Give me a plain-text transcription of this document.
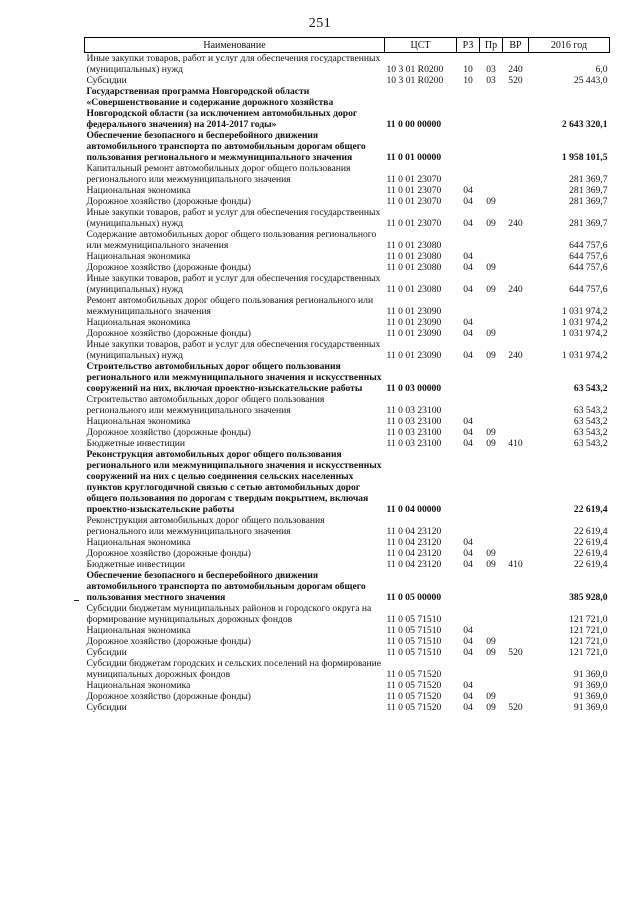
251
Наименование	ЦСТ	РЗ	Пр	ВР	2016 год
Иные закупки товаров, работ и услуг для обеспечения государственных (муниципальных) нужд	10 3 01 R0200	10	03	240	6,0
Субсидии	10 3 01 R0200	10	03	520	25 443,0
Государственная программа Новгородской области «Совершенствование и содержание дорожного хозяйства Новгородской области (за исключением автомобильных дорог федерального значения) на 2014-2017 годы»	11 0 00 00000				2 643 320,1
Обеспечение безопасного и бесперебойного движения автомобильного транспорта по автомобильным дорогам общего пользования регионального и межмуниципального значения	11 0 01 00000				1 958 101,5
Капитальный ремонт автомобильных дорог общего пользования регионального или межмуниципального значения	11 0 01 23070				281 369,7
Национальная экономика	11 0 01 23070	04			281 369,7
Дорожное хозяйство (дорожные фонды)	11 0 01 23070	04	09		281 369,7
Иные закупки товаров, работ и услуг для обеспечения государственных (муниципальных) нужд	11 0 01 23070	04	09	240	281 369,7
Содержание автомобильных дорог общего пользования регионального или межмуниципального значения	11 0 01 23080				644 757,6
Национальная экономика	11 0 01 23080	04			644 757,6
Дорожное хозяйство (дорожные фонды)	11 0 01 23080	04	09		644 757,6
Иные закупки товаров, работ и услуг для обеспечения государственных (муниципальных) нужд	11 0 01 23080	04	09	240	644 757,6
Ремонт автомобильных дорог общего пользования регионального или межмуниципального значения	11 0 01 23090				1 031 974,2
Национальная экономика	11 0 01 23090	04			1 031 974,2
Дорожное хозяйство (дорожные фонды)	11 0 01 23090	04	09		1 031 974,2
Иные закупки товаров, работ и услуг для обеспечения государственных (муниципальных) нужд	11 0 01 23090	04	09	240	1 031 974,2
Строительство автомобильных дорог общего пользования регионального или межмуниципального значения и искусственных сооружений на них, включая проектно-изыскательские работы	11 0 03 00000				63 543,2
Строительство автомобильных дорог общего пользования регионального или межмуниципального значения	11 0 03 23100				63 543,2
Национальная экономика	11 0 03 23100	04			63 543,2
Дорожное хозяйство (дорожные фонды)	11 0 03 23100	04	09		63 543,2
Бюджетные инвестиции	11 0 03 23100	04	09	410	63 543,2
Реконструкция автомобильных дорог общего пользования регионального или межмуниципального значения и искусственных сооружений на них с целью соединения сельских населенных пунктов круглогодичной связью с сетью автомобильных дорог общего пользования по дорогам с твердым покрытием, включая проектно-изыскательские работы	11 0 04 00000				22 619,4
Реконструкция автомобильных дорог общего пользования регионального или межмуниципального значения	11 0 04 23120				22 619,4
Национальная экономика	11 0 04 23120	04			22 619,4
Дорожное хозяйство (дорожные фонды)	11 0 04 23120	04	09		22 619,4
Бюджетные инвестиции	11 0 04 23120	04	09	410	22 619,4
Обеспечение безопасного и бесперебойного движения автомобильного транспорта по автомобильным дорогам общего пользования местного значения	11 0 05 00000				385 928,0
Субсидии бюджетам муниципальных районов и городского округа на формирование муниципальных дорожных фондов	11 0 05 71510				121 721,0
Национальная экономика	11 0 05 71510	04			121 721,0
Дорожное хозяйство (дорожные фонды)	11 0 05 71510	04	09		121 721,0
Субсидии	11 0 05 71510	04	09	520	121 721,0
Субсидии бюджетам городских и сельских поселений на формирование муниципальных дорожных фондов	11 0 05 71520				91 369,0
Национальная экономика	11 0 05 71520	04			91 369,0
Дорожное хозяйство (дорожные фонды)	11 0 05 71520	04	09		91 369,0
Субсидии	11 0 05 71520	04	09	520	91 369,0
